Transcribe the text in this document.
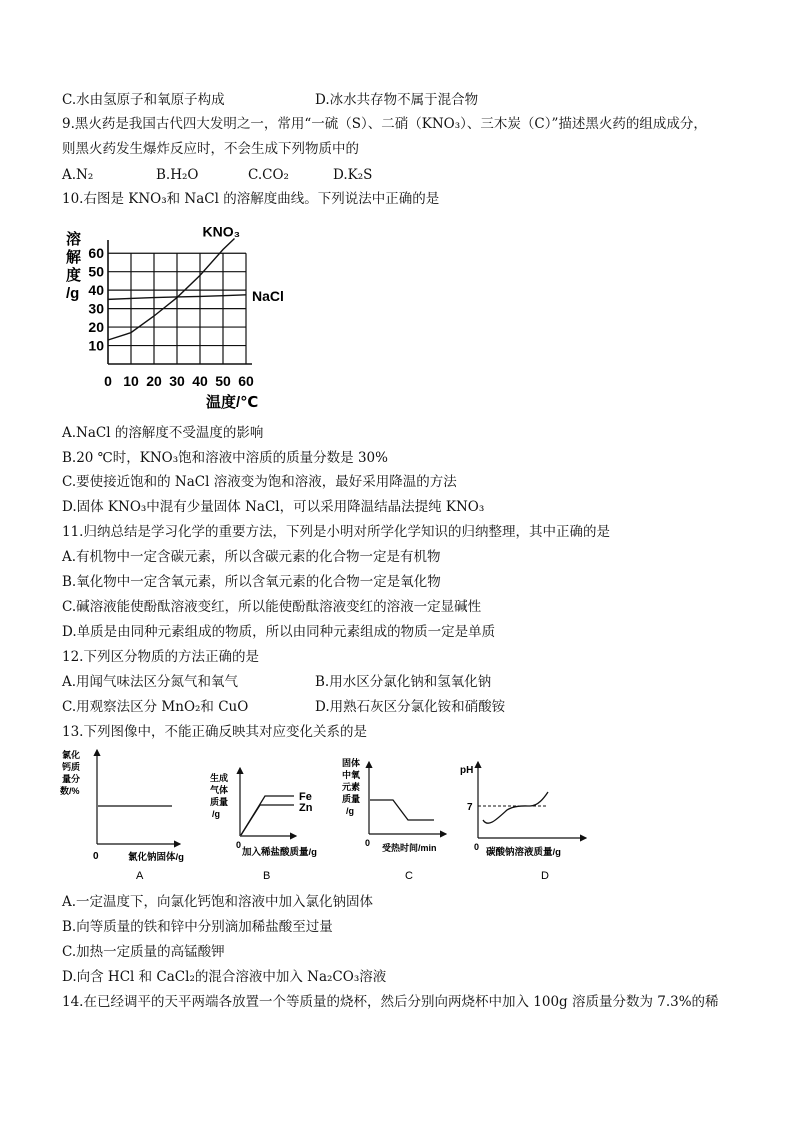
C.水由氢原子和氧原子构成	D.冰水共存物不属于混合物
9.黑火药是我国古代四大发明之一，常用“一硫（S）、二硝（KNO₃）、三木炭（C）”描述黑火药的组成成分，
则黑火药发生爆炸反应时，不会生成下列物质中的
A.N₂	B.H₂O	C.CO₂	D.K₂S
10.右图是 KNO₃和 NaCl 的溶解度曲线。下列说法中正确的是
10
20
30
40
50
60
0 10 20 30 40 50 60
KNO₃
NaCl
溶
解
度
/g
温度/℃
A.NaCl 的溶解度不受温度的影响
B.20 ℃时，KNO₃饱和溶液中溶质的质量分数是 30%
C.要使接近饱和的 NaCl 溶液变为饱和溶液，最好采用降温的方法
D.固体 KNO₃中混有少量固体 NaCl，可以采用降温结晶法提纯 KNO₃
11.归纳总结是学习化学的重要方法，下列是小明对所学化学知识的归纳整理，其中正确的是
A.有机物中一定含碳元素，所以含碳元素的化合物一定是有机物
B.氧化物中一定含氧元素，所以含氧元素的化合物一定是氧化物
C.碱溶液能使酚酞溶液变红，所以能使酚酞溶液变红的溶液一定显碱性
D.单质是由同种元素组成的物质，所以由同种元素组成的物质一定是单质
12.下列区分物质的方法正确的是
A.用闻气味法区分氮气和氧气	B.用水区分氯化钠和氢氧化钠
C.用观察法区分 MnO₂和 CuO	D.用熟石灰区分氯化铵和硝酸铵
13.下列图像中，不能正确反映其对应变化关系的是
氯化
钙质
量分
数/%
0	氯化钠固体/g
A
生成
气体
质量
/g
Fe
Zn
0
加入稀盐酸质量/g
B
固体
中氧
元素
质量
/g
0 受热时间/min
C
pH
7
0 碳酸钠溶液质量/g
D
A.一定温度下，向氯化钙饱和溶液中加入氯化钠固体
B.向等质量的铁和锌中分别滴加稀盐酸至过量
C.加热一定质量的高锰酸钾
D.向含 HCl 和 CaCl₂的混合溶液中加入 Na₂CO₃溶液
14.在已经调平的天平两端各放置一个等质量的烧杯，然后分别向两烧杯中加入 100g 溶质量分数为 7.3%的稀
